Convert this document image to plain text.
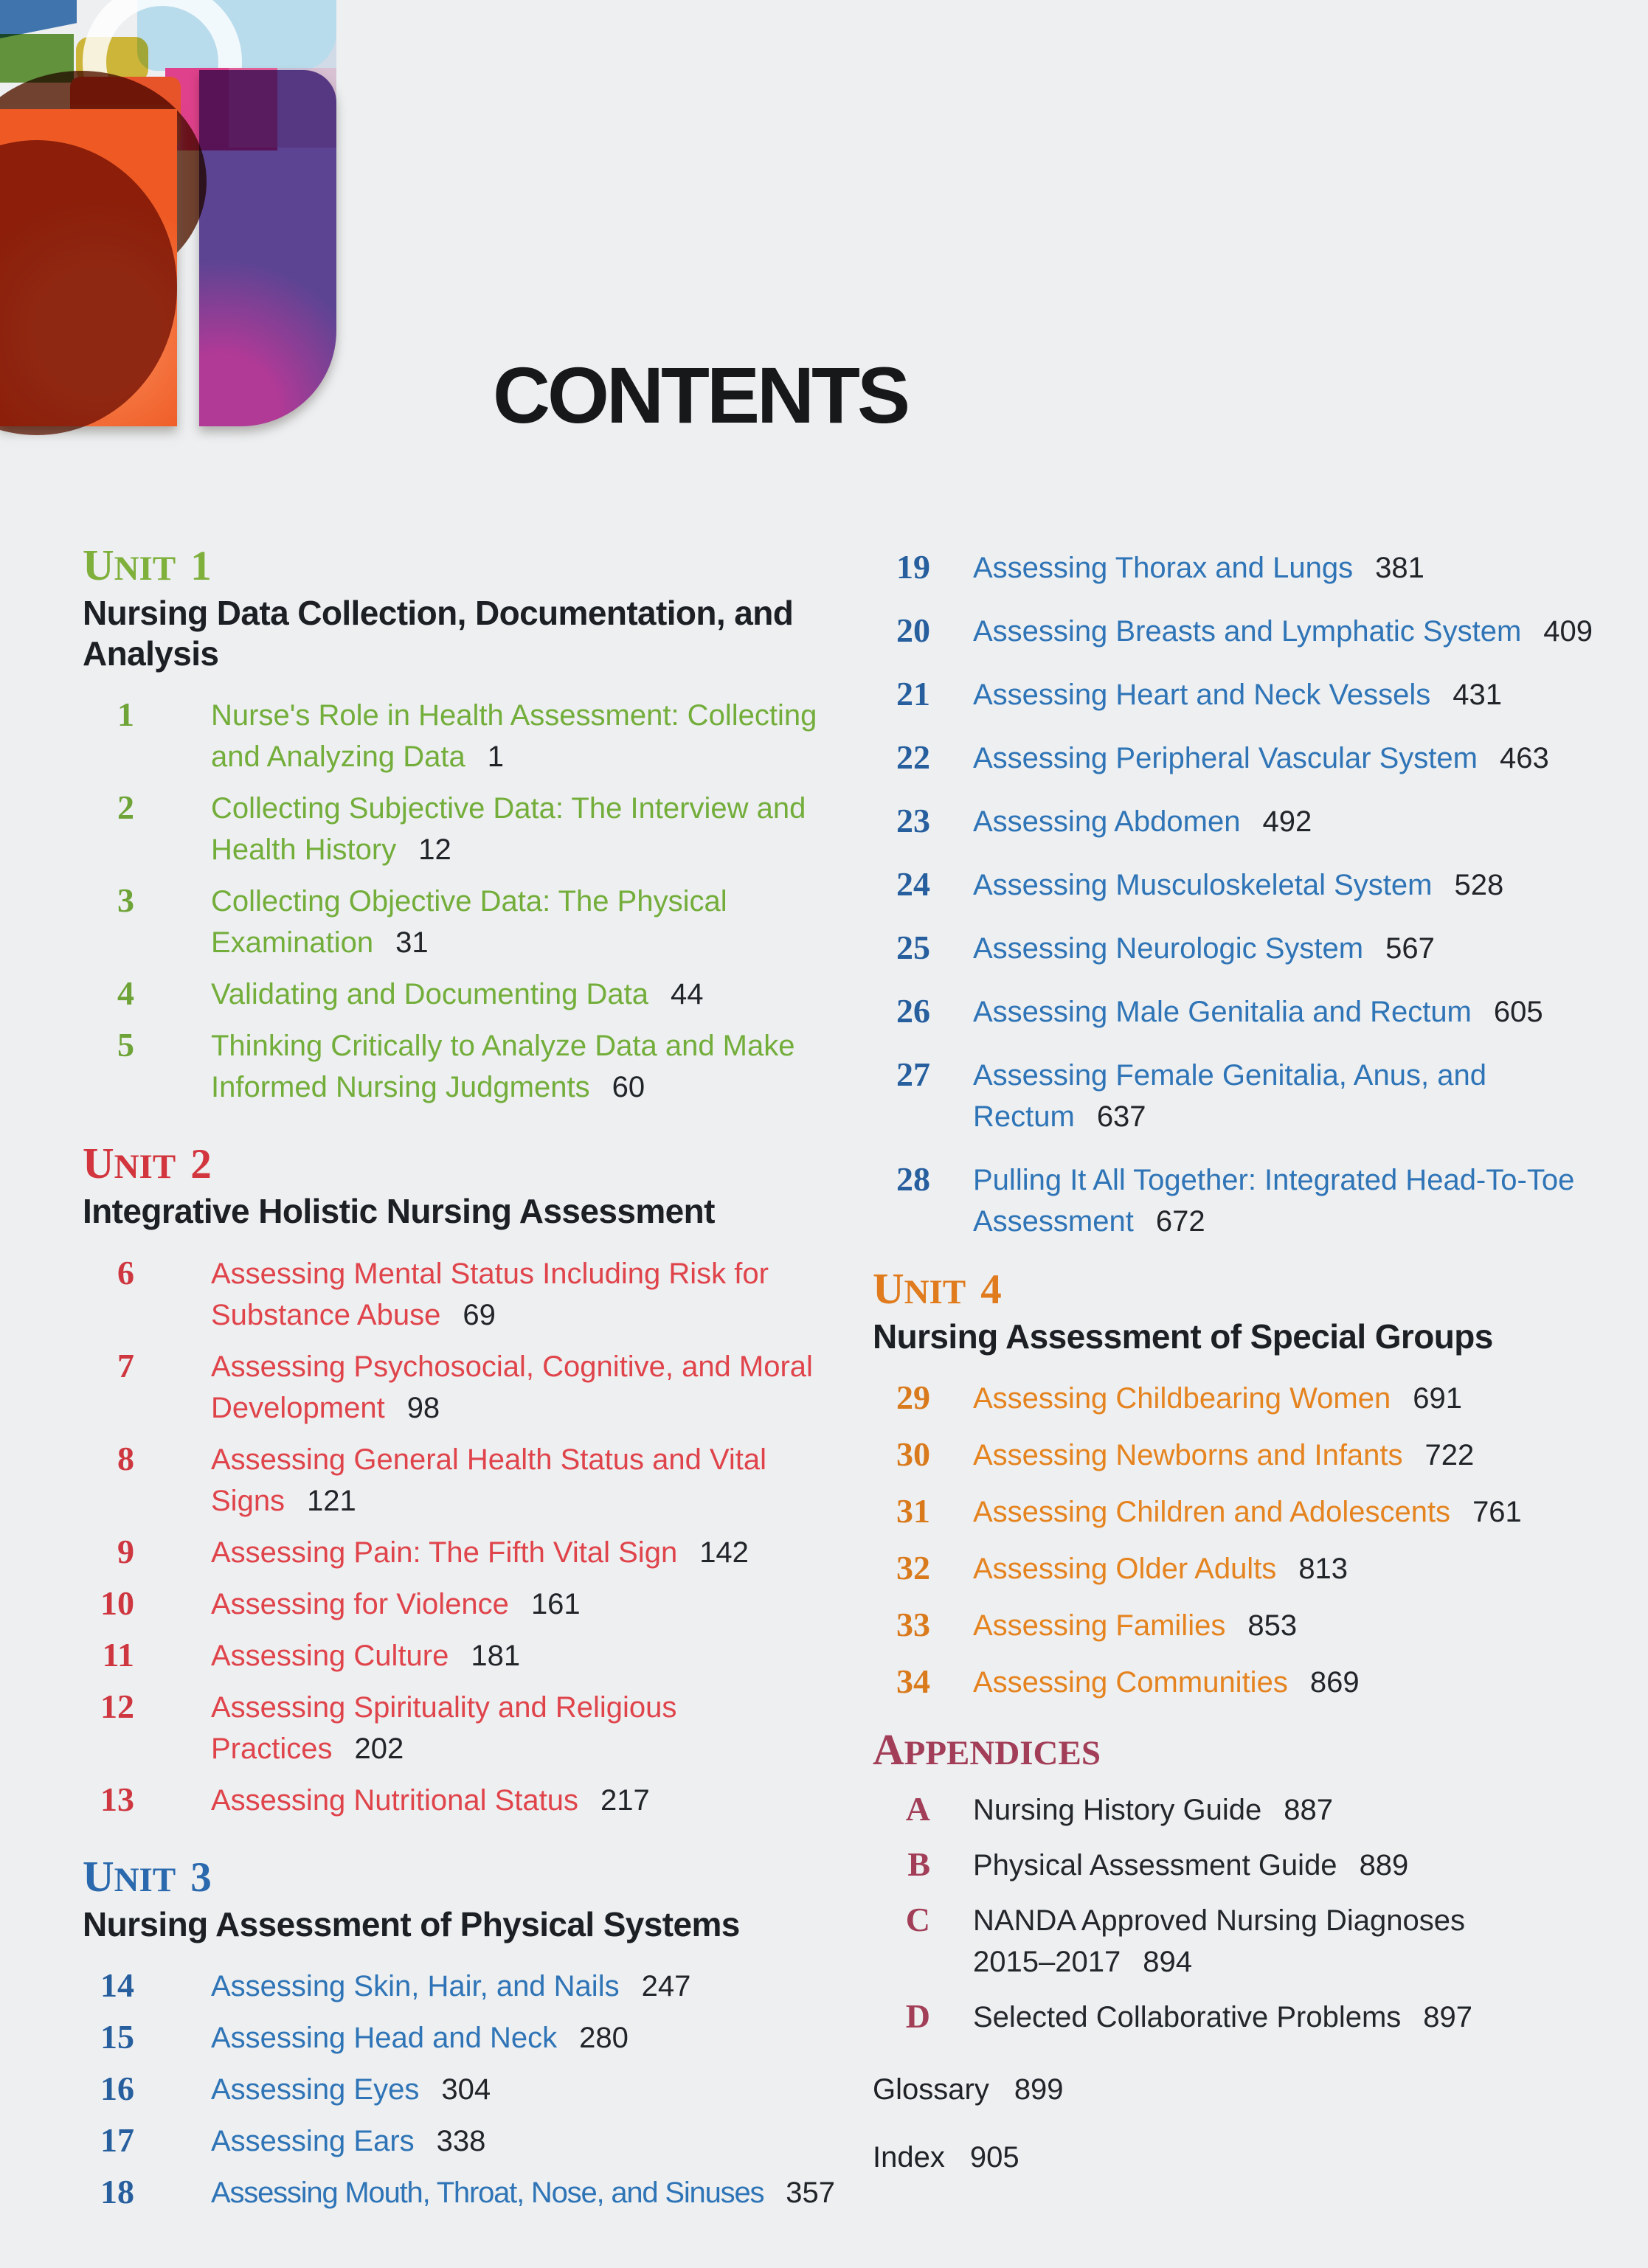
CONTENTS
UNIT 1
Nursing Data Collection, Documentation, and Analysis
1	Nurse's Role in Health Assessment: Collecting and Analyzing Data 1
2	Collecting Subjective Data: The Interview and Health History 12
3	Collecting Objective Data: The Physical Examination 31
4	Validating and Documenting Data 44
5	Thinking Critically to Analyze Data and Make Informed Nursing Judgments 60
UNIT 2
Integrative Holistic Nursing Assessment
6	Assessing Mental Status Including Risk for Substance Abuse 69
7	Assessing Psychosocial, Cognitive, and Moral Development 98
8	Assessing General Health Status and Vital Signs 121
9	Assessing Pain: The Fifth Vital Sign 142
10	Assessing for Violence 161
11	Assessing Culture 181
12	Assessing Spirituality and Religious Practices 202
13	Assessing Nutritional Status 217
UNIT 3
Nursing Assessment of Physical Systems
14	Assessing Skin, Hair, and Nails 247
15	Assessing Head and Neck 280
16	Assessing Eyes 304
17	Assessing Ears 338
18	Assessing Mouth, Throat, Nose, and Sinuses 357
19 Assessing Thorax and Lungs 381
20 Assessing Breasts and Lymphatic System 409
21 Assessing Heart and Neck Vessels 431
22 Assessing Peripheral Vascular System 463
23 Assessing Abdomen 492
24 Assessing Musculoskeletal System 528
25 Assessing Neurologic System 567
26 Assessing Male Genitalia and Rectum 605
27 Assessing Female Genitalia, Anus, and Rectum 637
28 Pulling It All Together: Integrated Head-To-Toe Assessment 672
UNIT 4
Nursing Assessment of Special Groups
29 Assessing Childbearing Women 691
30 Assessing Newborns and Infants 722
31 Assessing Children and Adolescents 761
32 Assessing Older Adults 813
33 Assessing Families 853
34 Assessing Communities 869
APPENDICES
A Nursing History Guide 887
B Physical Assessment Guide 889
C NANDA Approved Nursing Diagnoses 2015–2017 894
D Selected Collaborative Problems 897
Glossary 899
Index 905
